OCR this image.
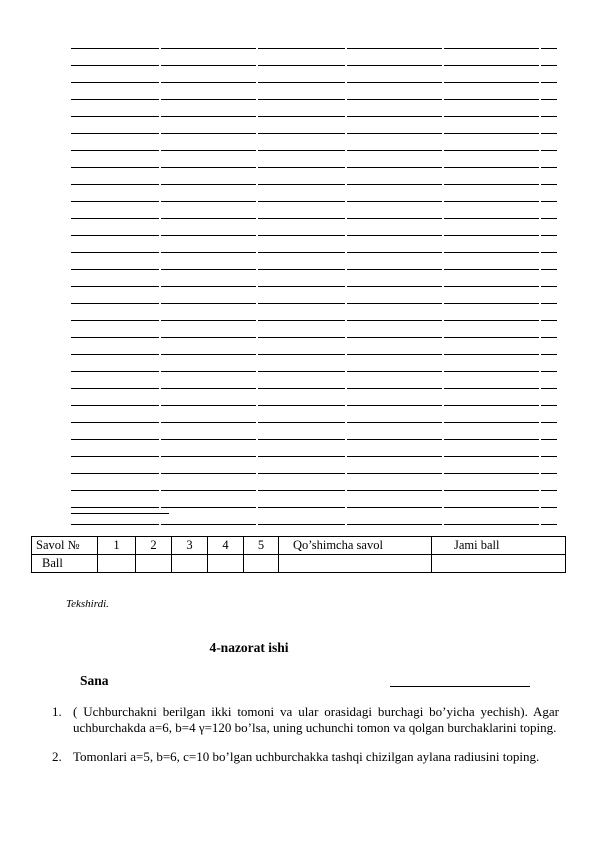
Savol №	1	2	3	4	5	Qo’shimcha savol	Jami ball
Ball							
Tekshirdi.
4-nazorat ishi
Sana
1. ( Uchburchakni berilgan ikki tomoni va ular orasidagi burchagi bo’yicha yechish). Agar uchburchakda a=6, b=4 γ=120 bo’lsa, uning uchunchi tomon va qolgan burchaklarini toping.
2. Tomonlari a=5, b=6, c=10 bo’lgan uchburchakka tashqi chizilgan aylana radiusini toping.
